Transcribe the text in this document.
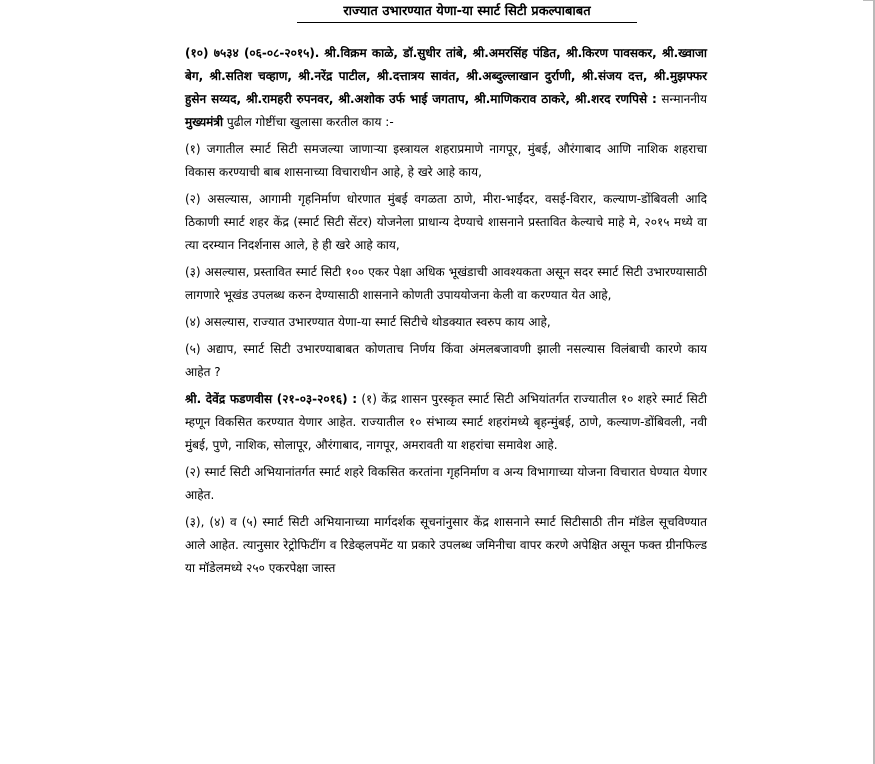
राज्यात उभारण्यात येणा-या स्मार्ट सिटी प्रकल्पाबाबत

(१०) ७५३४ (०६-०८-२०१५). श्री.विक्रम काळे, डॉ.सुधीर तांबे, श्री.अमरसिंह पंडित, श्री.किरण पावसकर, श्री.ख्वाजा बेग, श्री.सतिश चव्हाण, श्री.नरेंद्र पाटील, श्री.दत्तात्रय सावंत, श्री.अब्दुल्लाखान दुर्राणी, श्री.संजय दत्त, श्री.मुझफ्फर हुसेन सय्यद, श्री.रामहरी रुपनवर, श्री.अशोक उर्फ भाई जगताप, श्री.माणिकराव ठाकरे, श्री.शरद रणपिसे : सन्माननीय मुख्यमंत्री पुढील गोष्टींचा खुलासा करतील काय :-

(१) जगातील स्मार्ट सिटी समजल्या जाणाऱ्या इस्त्रायल शहराप्रमाणे नागपूर, मुंबई, औरंगाबाद आणि नाशिक शहराचा विकास करण्याची बाब शासनाच्या विचाराधीन आहे, हे खरे आहे काय,

(२) असल्यास, आगामी गृहनिर्माण धोरणात मुंबई वगळता ठाणे, मीरा-भाईंदर, वसई-विरार, कल्याण-डोंबिवली आदि ठिकाणी स्मार्ट शहर केंद्र (स्मार्ट सिटी सेंटर) योजनेला प्राधान्य देण्याचे शासनाने प्रस्तावित केल्याचे माहे मे, २०१५ मध्ये वा त्या दरम्यान निदर्शनास आले, हे ही खरे आहे काय,

(३) असल्यास, प्रस्तावित स्मार्ट सिटी १०० एकर पेक्षा अधिक भूखंडाची आवश्यकता असून सदर स्मार्ट सिटी उभारण्यासाठी लागणारे भूखंड उपलब्ध करुन देण्यासाठी शासनाने कोणती उपाययोजना केली वा करण्यात येत आहे,

(४) असल्यास, राज्यात उभारण्यात येणा-या स्मार्ट सिटीचे थोडक्यात स्वरुप काय आहे,

(५) अद्याप, स्मार्ट सिटी उभारण्याबाबत कोणताच निर्णय किंवा अंमलबजावणी झाली नसल्यास विलंबाची कारणे काय आहेत ?

श्री. देवेंद्र फडणवीस (२१-०३-२०१६) : (१) केंद्र शासन पुरस्कृत स्मार्ट सिटी अभियांतर्गत राज्यातील १० शहरे स्मार्ट सिटी म्हणून विकसित करण्यात येणार आहेत. राज्यातील १० संभाव्य स्मार्ट शहरांमध्ये बृहन्मुंबई, ठाणे, कल्याण-डोंबिवली, नवी मुंबई, पुणे, नाशिक, सोलापूर, औरंगाबाद, नागपूर, अमरावती या शहरांचा समावेश आहे.

(२) स्मार्ट सिटी अभियानांतर्गत स्मार्ट शहरे विकसित करतांना गृहनिर्माण व अन्य विभागाच्या योजना विचारात घेण्यात येणार आहेत.

(३), (४) व (५) स्मार्ट सिटी अभियानाच्या मार्गदर्शक सूचनांनुसार केंद्र शासनाने स्मार्ट सिटीसाठी तीन मॉडेल सूचविण्यात आले आहेत. त्यानुसार रेट्रोफिटींग व रिडेव्हलपमेंट या प्रकारे उपलब्ध जमिनीचा वापर करणे अपेक्षित असून फक्त ग्रीनफिल्ड या मॉडेलमध्ये २५० एकरपेक्षा जास्त
